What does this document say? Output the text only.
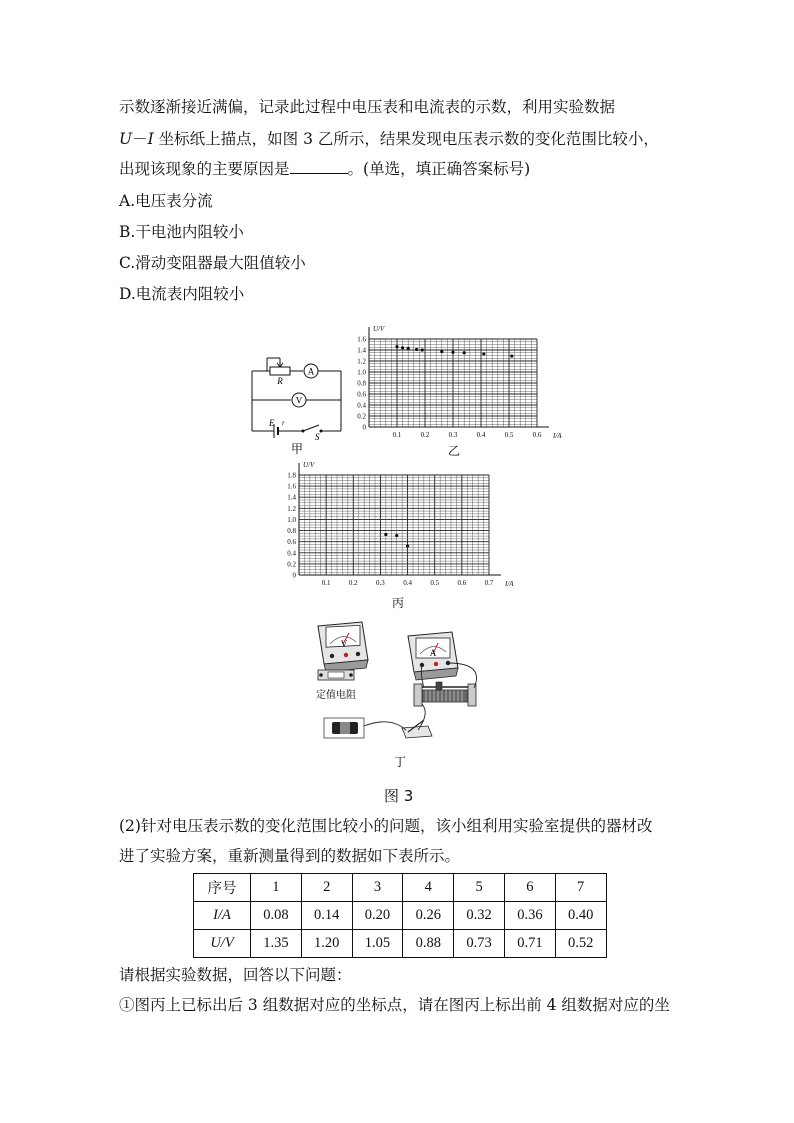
示数逐渐接近满偏，记录此过程中电压表和电流表的示数，利用实验数据
U－I 坐标纸上描点，如图 3 乙所示，结果发现电压表示数的变化范围比较小，
出现该现象的主要原因是	。(单选，填正确答案标号)
A.电压表分流
B.干电池内阻较小
C.滑动变阻器最大阻值较小
D.电流表内阻较小
R
A
V
E r
S
甲
1.6
1.4
1.2
1.0
0.8
0.6
0.4
0.2
0
0.1	0.2	0.3	0.4	0.5	0.6
U/V
I/A
乙
1.8
1.6
1.4
1.2
1.0
0.8
0.6
0.4
0.2
0
0.1	0.2	0.3	0.4	0.5	0.6	0.7
U/V
I/A
丙
V
A
定值电阻
丁
图 3
(2)针对电压表示数的变化范围比较小的问题，该小组利用实验室提供的器材改
进了实验方案，重新测量得到的数据如下表所示。
序号	1	2	3	4	5	6	7
I/A	0.08	0.14	0.20	0.26	0.32	0.36	0.40
U/V	1.35	1.20	1.05	0.88	0.73	0.71	0.52
请根据实验数据，回答以下问题：
①图丙上已标出后 3 组数据对应的坐标点，请在图丙上标出前 4 组数据对应的坐
